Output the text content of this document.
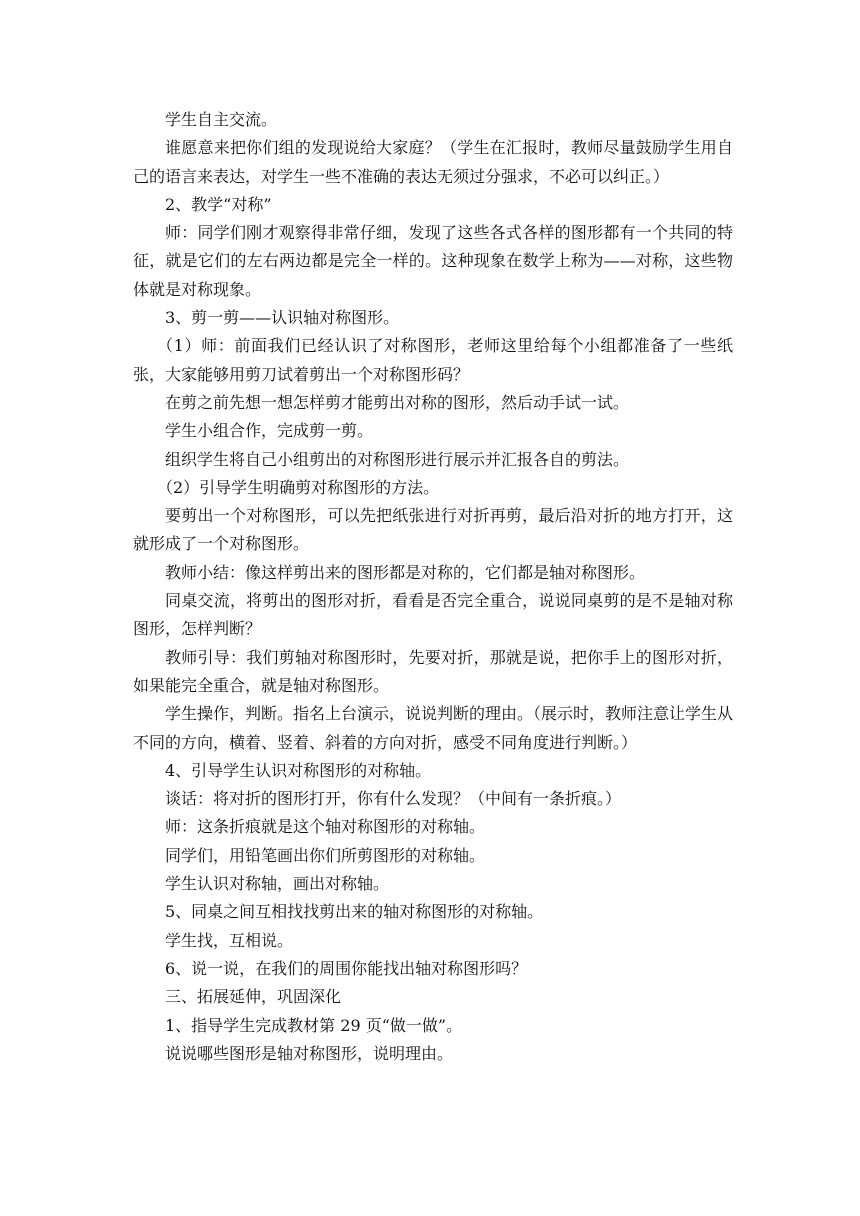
学生自主交流。

谁愿意来把你们组的发现说给大家庭？（学生在汇报时，教师尽量鼓励学生用自己的语言来表达，对学生一些不准确的表达无须过分强求，不必可以纠正。）

2、教学“对称”

师：同学们刚才观察得非常仔细，发现了这些各式各样的图形都有一个共同的特征，就是它们的左右两边都是完全一样的。这种现象在数学上称为——对称，这些物体就是对称现象。

3、剪一剪——认识轴对称图形。

（1）师：前面我们已经认识了对称图形，老师这里给每个小组都准备了一些纸张，大家能够用剪刀试着剪出一个对称图形码？

在剪之前先想一想怎样剪才能剪出对称的图形，然后动手试一试。

学生小组合作，完成剪一剪。

组织学生将自己小组剪出的对称图形进行展示并汇报各自的剪法。

（2）引导学生明确剪对称图形的方法。

要剪出一个对称图形，可以先把纸张进行对折再剪，最后沿对折的地方打开，这就形成了一个对称图形。

教师小结：像这样剪出来的图形都是对称的，它们都是轴对称图形。

同桌交流，将剪出的图形对折，看看是否完全重合，说说同桌剪的是不是轴对称图形，怎样判断？

教师引导：我们剪轴对称图形时，先要对折，那就是说，把你手上的图形对折，如果能完全重合，就是轴对称图形。

学生操作，判断。指名上台演示，说说判断的理由。（展示时，教师注意让学生从不同的方向，横着、竖着、斜着的方向对折，感受不同角度进行判断。）

4、引导学生认识对称图形的对称轴。

谈话：将对折的图形打开，你有什么发现？（中间有一条折痕。）

师：这条折痕就是这个轴对称图形的对称轴。

同学们，用铅笔画出你们所剪图形的对称轴。

学生认识对称轴，画出对称轴。

5、同桌之间互相找找剪出来的轴对称图形的对称轴。

学生找，互相说。

6、说一说，在我们的周围你能找出轴对称图形吗？

三、拓展延伸，巩固深化

1、指导学生完成教材第 29 页“做一做”。

说说哪些图形是轴对称图形，说明理由。
